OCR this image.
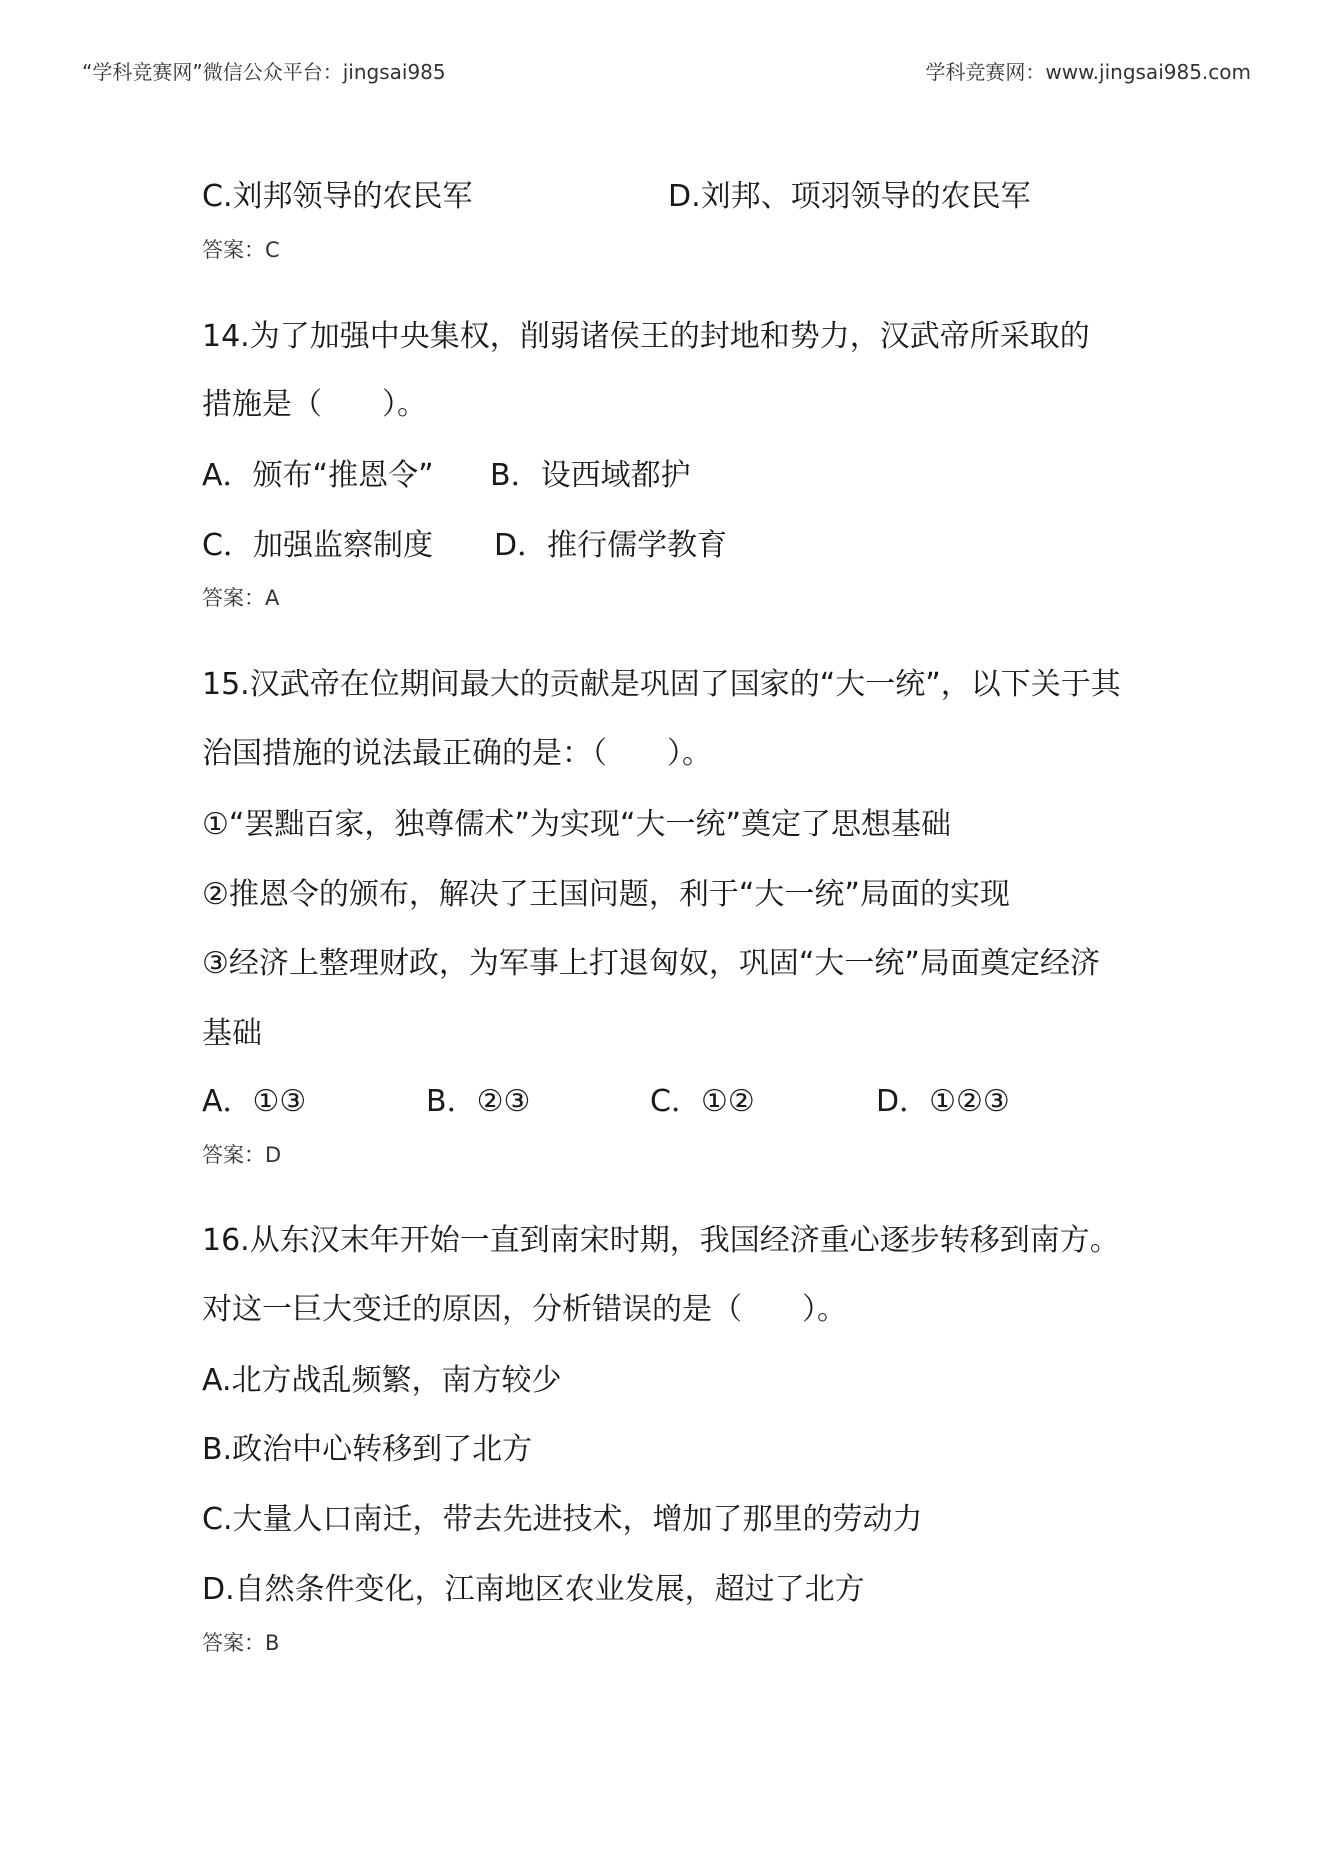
“学科竞赛网”微信公众平台：jingsai985	学科竞赛网：www.jingsai985.com
C.刘邦领导的农民军	D.刘邦、项羽领导的农民军
答案：C
14.为了加强中央集权，削弱诸侯王的封地和势力，汉武帝所采取的
措施是（　　）。
A．颁布“推恩令” B．设西域都护
C．加强监察制度 D．推行儒学教育
答案：A
15.汉武帝在位期间最大的贡献是巩固了国家的“大一统”，以下关于其
治国措施的说法最正确的是：（　　）。
①“罢黜百家，独尊儒术”为实现“大一统”奠定了思想基础
②推恩令的颁布，解决了王国问题，利于“大一统”局面的实现
③经济上整理财政，为军事上打退匈奴，巩固“大一统”局面奠定经济
基础
A．①③	B．②③	C．①②	D．①②③
答案：D
16.从东汉末年开始一直到南宋时期，我国经济重心逐步转移到南方。
对这一巨大变迁的原因，分析错误的是（　　）。
A.北方战乱频繁，南方较少
B.政治中心转移到了北方
C.大量人口南迁，带去先进技术，增加了那里的劳动力
D.自然条件变化，江南地区农业发展，超过了北方
答案：B
